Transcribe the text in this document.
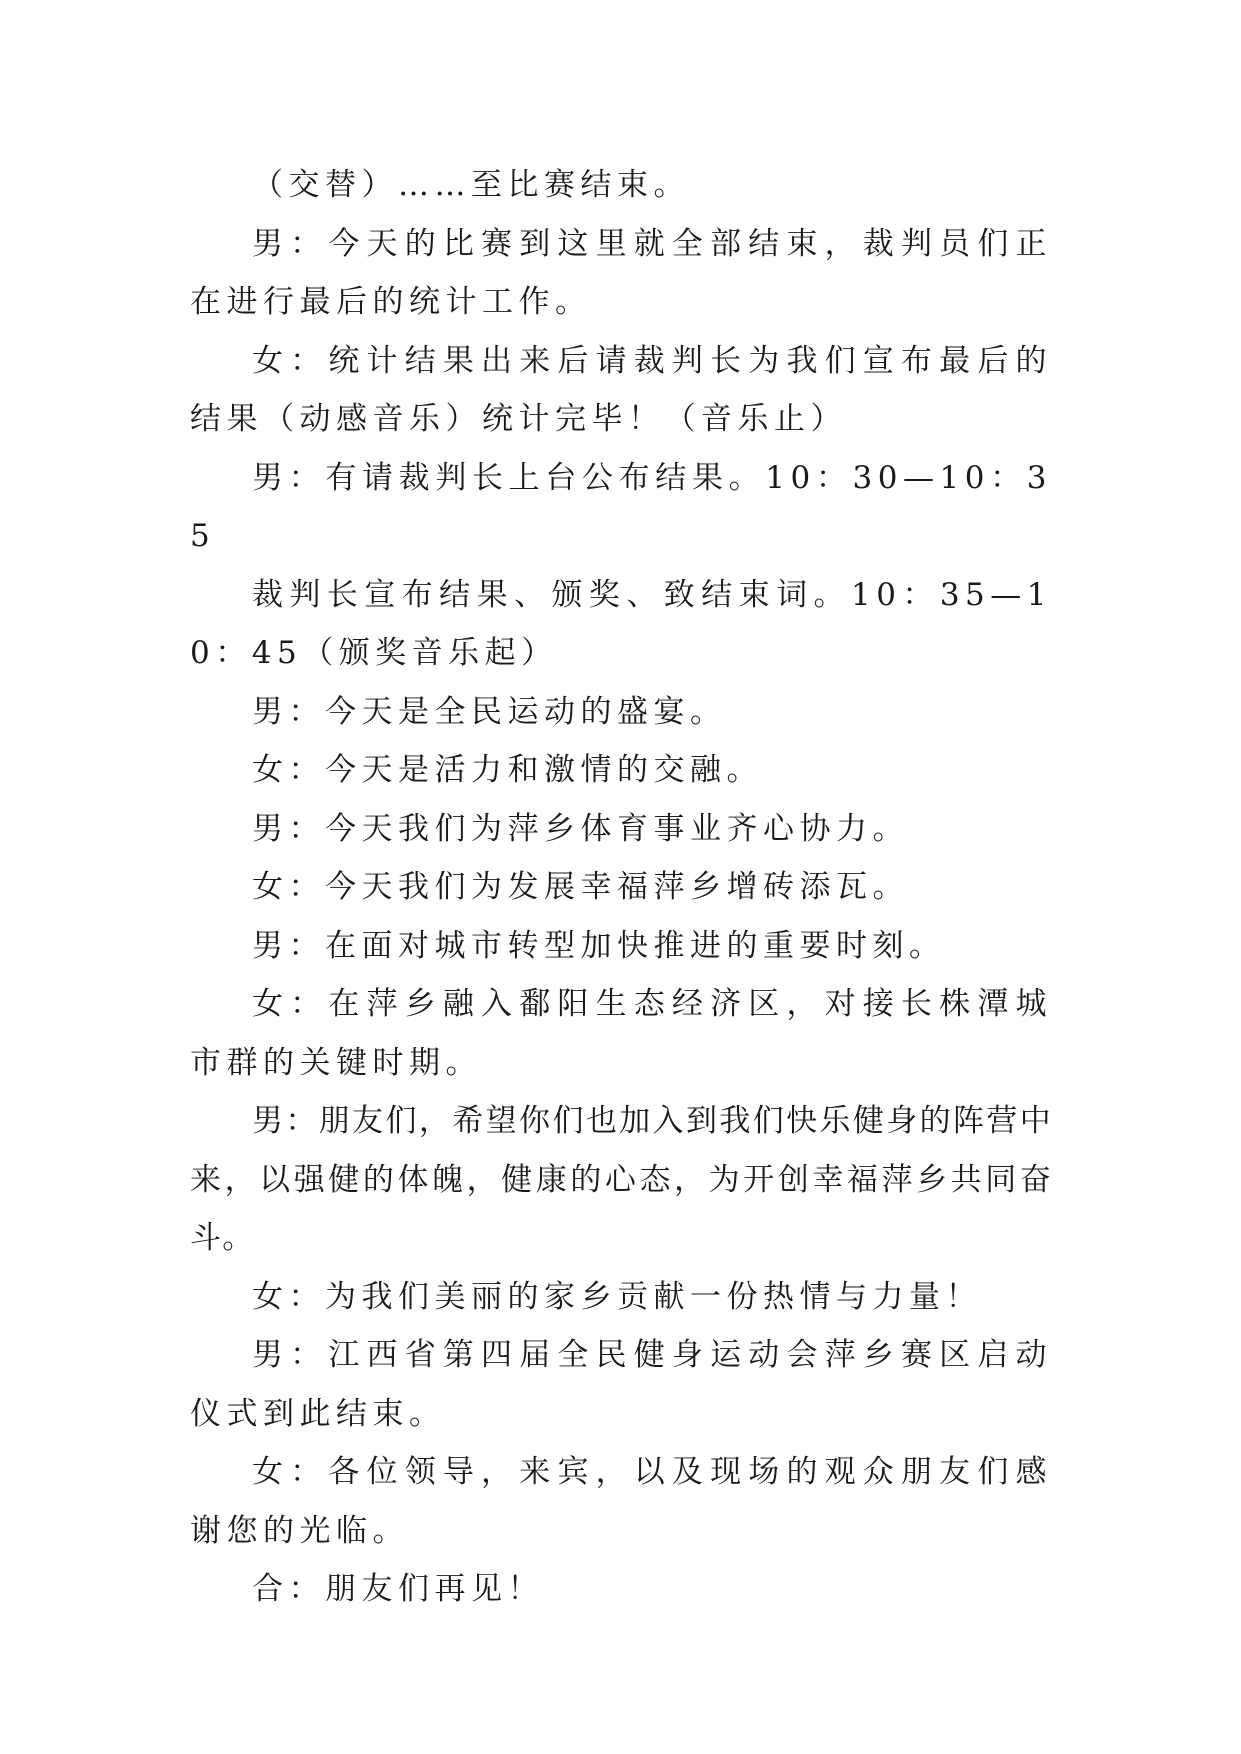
（交替）……至比赛结束。

男：今天的比赛到这里就全部结束，裁判员们正在进行最后的统计工作。

女：统计结果出来后请裁判长为我们宣布最后的结果（动感音乐）统计完毕！（音乐止）

男：有请裁判长上台公布结果。10：30—10：35

裁判长宣布结果、颁奖、致结束词。10：35—10：45（颁奖音乐起）

男：今天是全民运动的盛宴。

女：今天是活力和激情的交融。

男：今天我们为萍乡体育事业齐心协力。

女：今天我们为发展幸福萍乡增砖添瓦。

男：在面对城市转型加快推进的重要时刻。

女：在萍乡融入鄱阳生态经济区，对接长株潭城市群的关键时期。

男：朋友们，希望你们也加入到我们快乐健身的阵营中来，以强健的体魄，健康的心态，为开创幸福萍乡共同奋斗。

女：为我们美丽的家乡贡献一份热情与力量！

男：江西省第四届全民健身运动会萍乡赛区启动仪式到此结束。

女：各位领导，来宾，以及现场的观众朋友们感谢您的光临。

合：朋友们再见！
